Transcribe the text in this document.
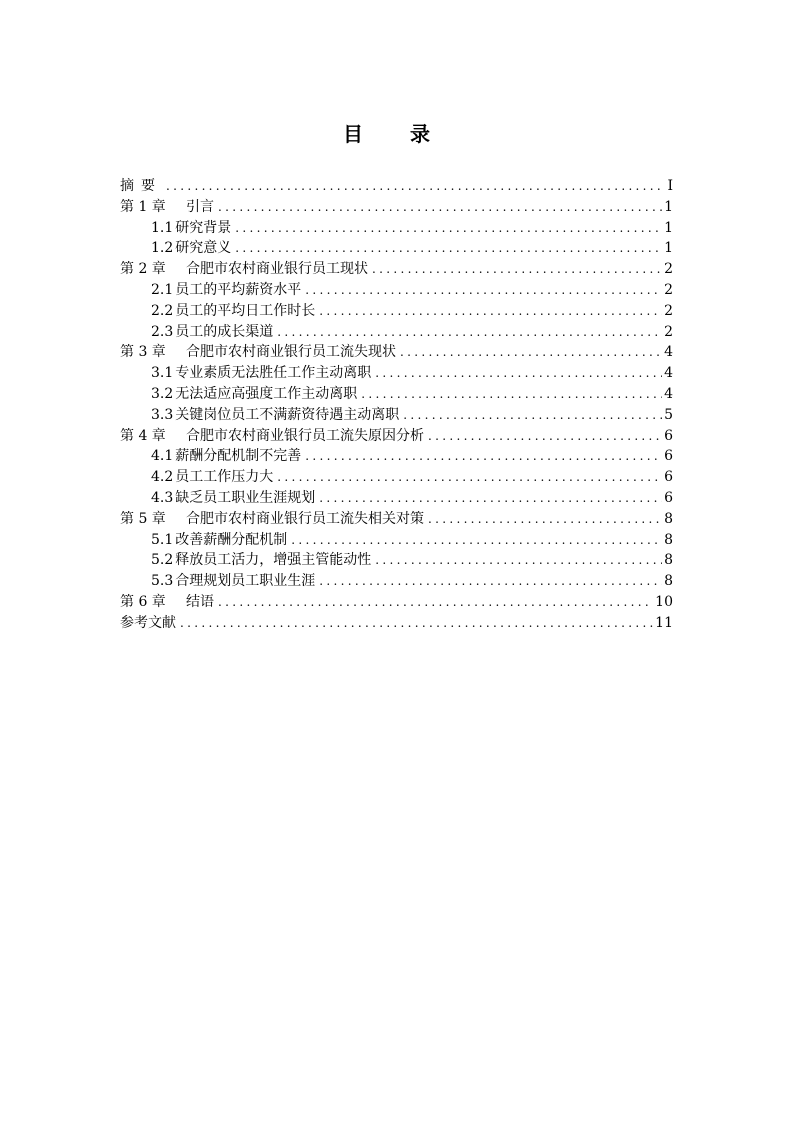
目 录
摘要 .....	I
第 1 章 引言 .....	1
1.1 研究背景 .....	1
1.2 研究意义 .....	1
第 2 章 合肥市农村商业银行员工现状 .....	2
2.1 员工的平均薪资水平 .....	2
2.2 员工的平均日工作时长 .....	2
2.3 员工的成长渠道 .....	2
第 3 章 合肥市农村商业银行员工流失现状 .....	4
3.1 专业素质无法胜任工作主动离职 .....	4
3.2 无法适应高强度工作主动离职 .....	4
3.3 关键岗位员工不满薪资待遇主动离职 .....	5
第 4 章 合肥市农村商业银行员工流失原因分析 .....	6
4.1 薪酬分配机制不完善 .....	6
4.2 员工工作压力大 .....	6
4.3 缺乏员工职业生涯规划 .....	6
第 5 章 合肥市农村商业银行员工流失相关对策 .....	8
5.1 改善薪酬分配机制 .....	8
5.2 释放员工活力，增强主管能动性 .....	8
5.3 合理规划员工职业生涯 .....	8
第 6 章 结语 .....	10
参考文献 .....	11
